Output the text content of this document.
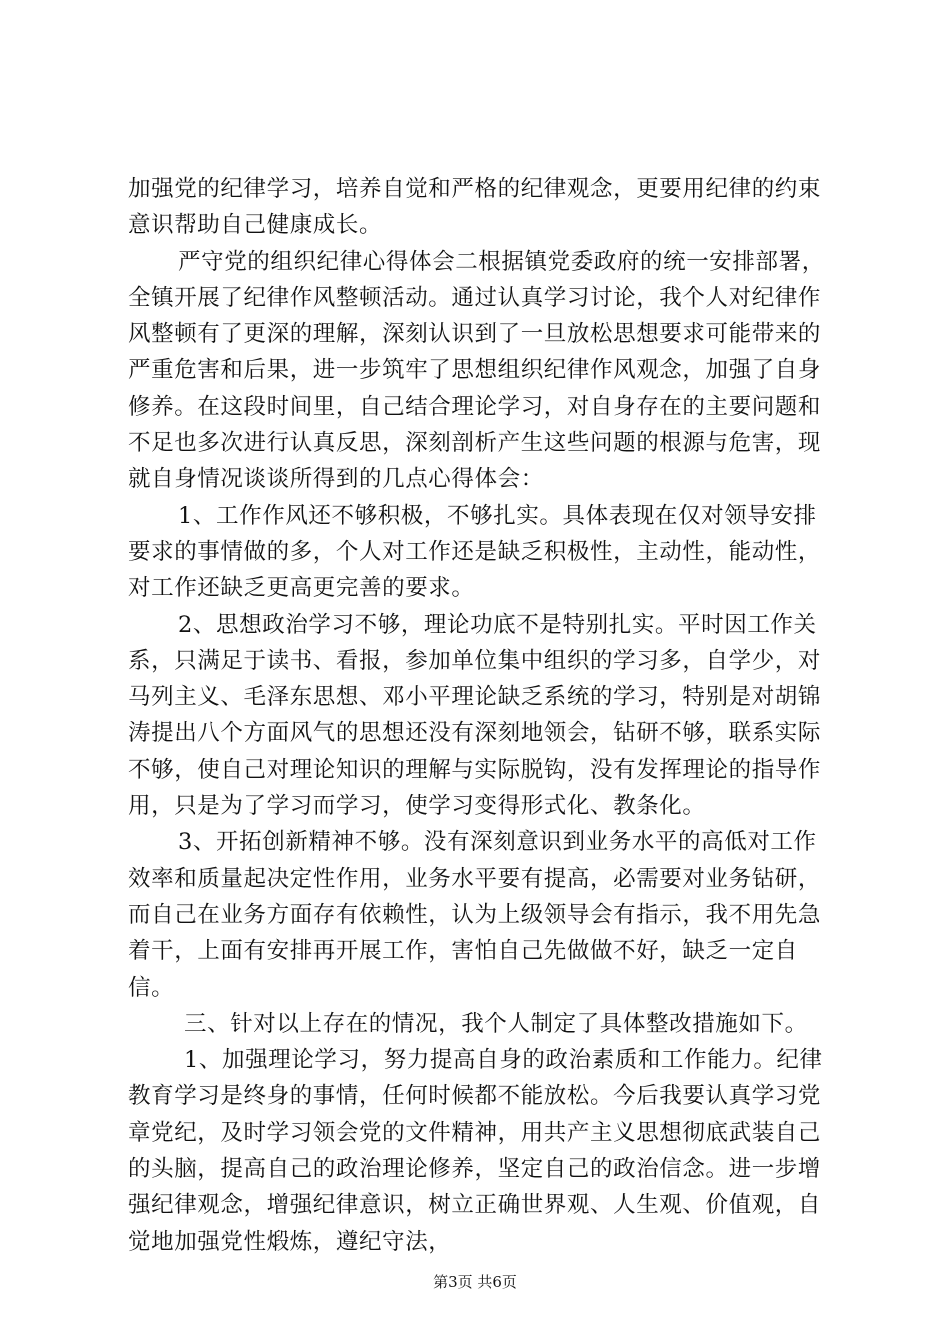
加强党的纪律学习，培养自觉和严格的纪律观念，更要用纪律的约束意识帮助自己健康成长。

严守党的组织纪律心得体会二根据镇党委政府的统一安排部署，全镇开展了纪律作风整顿活动。通过认真学习讨论，我个人对纪律作风整顿有了更深的理解，深刻认识到了一旦放松思想要求可能带来的严重危害和后果，进一步筑牢了思想组织纪律作风观念，加强了自身修养。在这段时间里，自己结合理论学习，对自身存在的主要问题和不足也多次进行认真反思，深刻剖析产生这些问题的根源与危害，现就自身情况谈谈所得到的几点心得体会：

1、工作作风还不够积极，不够扎实。具体表现在仅对领导安排要求的事情做的多，个人对工作还是缺乏积极性，主动性，能动性，对工作还缺乏更高更完善的要求。

2、思想政治学习不够，理论功底不是特别扎实。平时因工作关系，只满足于读书、看报，参加单位集中组织的学习多，自学少，对马列主义、毛泽东思想、邓小平理论缺乏系统的学习，特别是对胡锦涛提出八个方面风气的思想还没有深刻地领会，钻研不够，联系实际不够，使自己对理论知识的理解与实际脱钩，没有发挥理论的指导作用，只是为了学习而学习，使学习变得形式化、教条化。

3、开拓创新精神不够。没有深刻意识到业务水平的高低对工作效率和质量起决定性作用，业务水平要有提高，必需要对业务钻研，而自己在业务方面存有依赖性，认为上级领导会有指示，我不用先急着干，上面有安排再开展工作，害怕自己先做做不好，缺乏一定自信。

三、针对以上存在的情况，我个人制定了具体整改措施如下。

1、加强理论学习，努力提高自身的政治素质和工作能力。纪律教育学习是终身的事情，任何时候都不能放松。今后我要认真学习党章党纪，及时学习领会党的文件精神，用共产主义思想彻底武装自己的头脑，提高自己的政治理论修养，坚定自己的政治信念。进一步增强纪律观念，增强纪律意识，树立正确世界观、人生观、价值观，自觉地加强党性煅炼，遵纪守法，

第3页 共6页
